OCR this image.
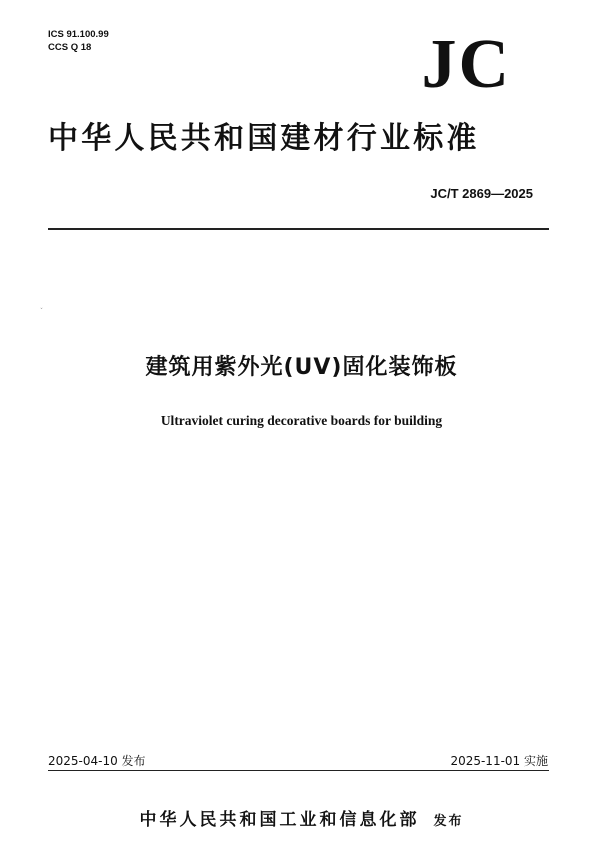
ICS 91.100.99
CCS Q 18	JC
中华人民共和国建材行业标准
JC/T 2869—2025
ˇ
建筑用紫外光(UV)固化装饰板
Ultraviolet curing decorative boards for building
2025-04-10 发布	2025-11-01 实施
中华人民共和国工业和信息化部 发布
